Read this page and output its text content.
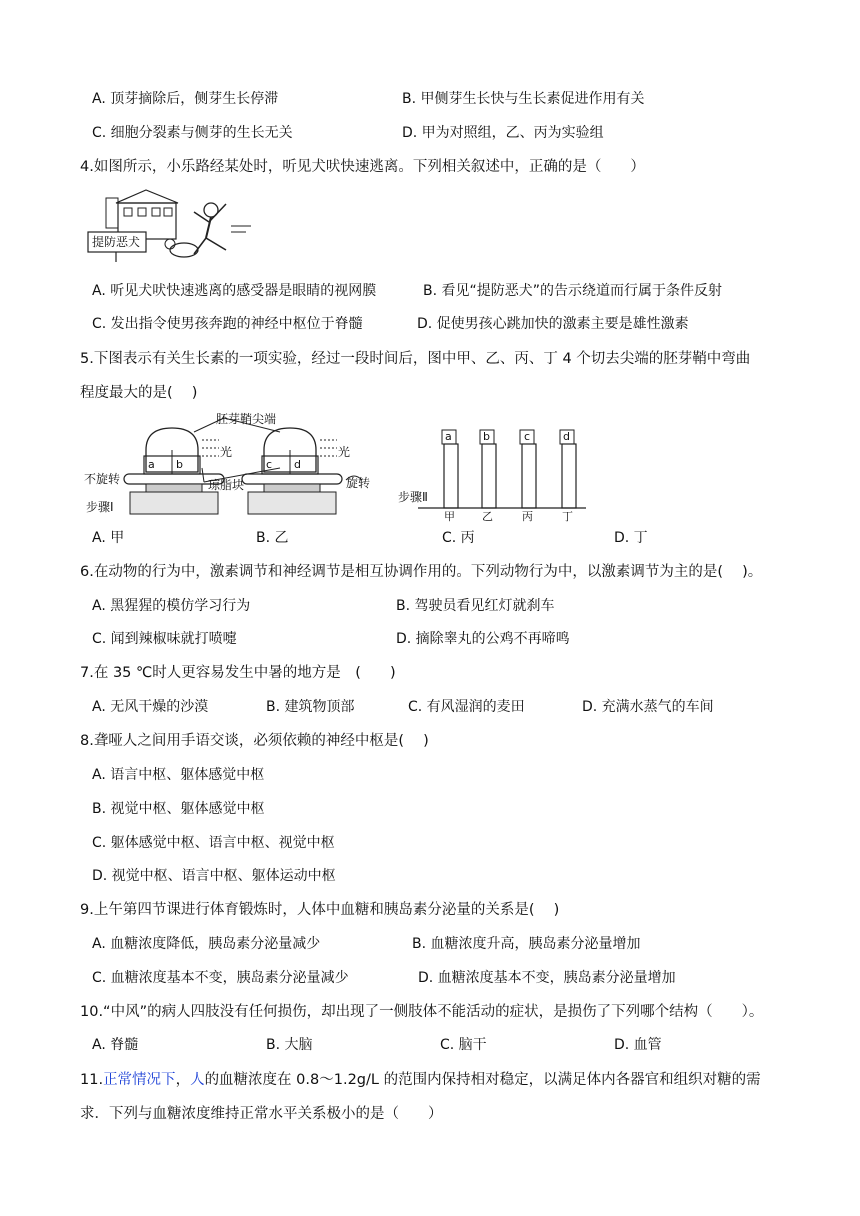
A. 顶芽摘除后，侧芽生长停滞	B. 甲侧芽生长快与生长素促进作用有关
C. 细胞分裂素与侧芽的生长无关	D. 甲为对照组，乙、丙为实验组
4.如图所示，小乐路经某处时，听见犬吠快速逃离。下列相关叙述中，正确的是（　　）
提防恶犬
A. 听见犬吠快速逃离的感受器是眼睛的视网膜	B. 看见“提防恶犬”的告示绕道而行属于条件反射
C. 发出指令使男孩奔跑的神经中枢位于脊髓	D. 促使男孩心跳加快的激素主要是雄性激素
5.下图表示有关生长素的一项实验，经过一段时间后，图中甲、乙、丙、丁 4 个切去尖端的胚芽鞘中弯曲
程度最大的是(　 )
胚芽鞘尖端
光	光
琼脂块
不旋转	旋转
步骤Ⅰ
a b	c d
a	b	c	d
步骤Ⅱ
甲 乙	丙	丁
A. 甲	B. 乙	C. 丙	D. 丁
6.在动物的行为中，激素调节和神经调节是相互协调作用的。下列动物行为中，以激素调节为主的是(　 )。
A. 黑猩猩的模仿学习行为	B. 驾驶员看见红灯就刹车
C. 闻到辣椒味就打喷嚏	D. 摘除睾丸的公鸡不再啼鸣
7.在 35 ℃时人更容易发生中暑的地方是　(　　)
A. 无风干燥的沙漠	B. 建筑物顶部	C. 有风湿润的麦田	D. 充满水蒸气的车间
8.聋哑人之间用手语交谈，必须依赖的神经中枢是(　 )
A. 语言中枢、躯体感觉中枢
B. 视觉中枢、躯体感觉中枢
C. 躯体感觉中枢、语言中枢、视觉中枢
D. 视觉中枢、语言中枢、躯体运动中枢
9.上午第四节课进行体育锻炼时，人体中血糖和胰岛素分泌量的关系是(　 )
A. 血糖浓度降低，胰岛素分泌量减少	B. 血糖浓度升高，胰岛素分泌量增加
C. 血糖浓度基本不变，胰岛素分泌量减少	D. 血糖浓度基本不变，胰岛素分泌量增加
10.“中风”的病人四肢没有任何损伤，却出现了一侧肢体不能活动的症状，是损伤了下列哪个结构（　　）。
A. 脊髓	B. 大脑	C. 脑干	D. 血管
11.正常情况下，人的血糖浓度在 0.8～1.2g/L 的范围内保持相对稳定，以满足体内各器官和组织对糖的需
求．下列与血糖浓度维持正常水平关系极小的是（　　）
